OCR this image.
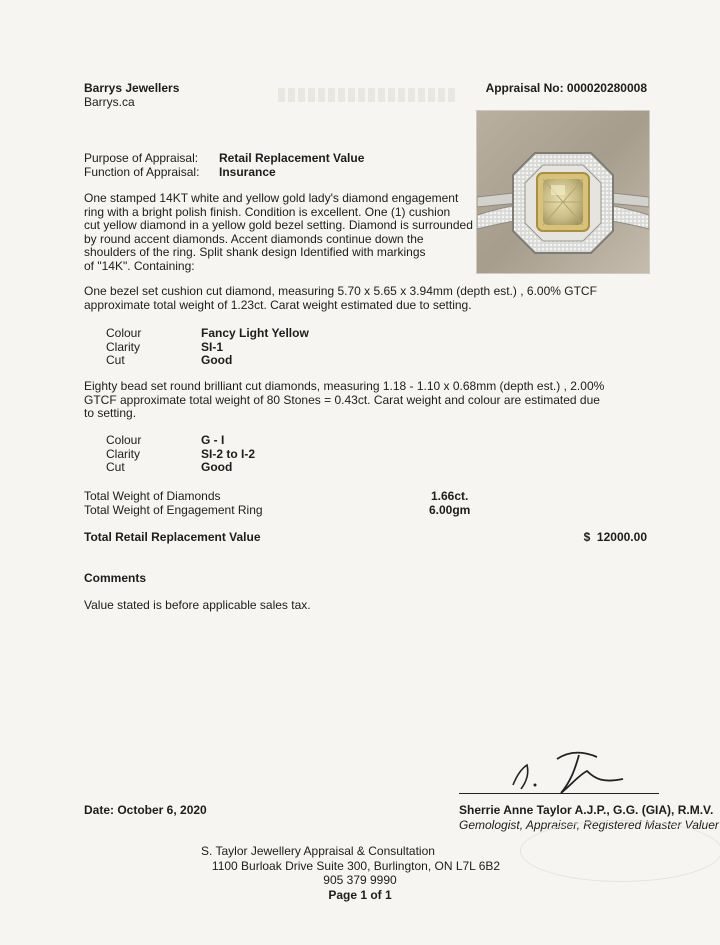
Barrys Jewellers
Barrys.ca
Appraisal No: 000020280008
Purpose of Appraisal: Retail Replacement Value
Function of Appraisal: Insurance
One stamped 14KT white and yellow gold lady's diamond engagement
ring with a bright polish finish. Condition is excellent. One (1) cushion
cut yellow diamond in a yellow gold bezel setting. Diamond is surrounded
by round accent diamonds. Accent diamonds continue down the
shoulders of the ring. Split shank design Identified with markings
of "14K". Containing:
One bezel set cushion cut diamond, measuring 5.70 x 5.65 x 3.94mm (depth est.) , 6.00% GTCF
approximate total weight of 1.23ct. Carat weight estimated due to setting.
Colour	Fancy Light Yellow
Clarity	SI-1
Cut	Good
Eighty bead set round brilliant cut diamonds, measuring 1.18 - 1.10 x 0.68mm (depth est.) , 2.00%
GTCF approximate total weight of 80 Stones = 0.43ct. Carat weight and colour are estimated due
to setting.
Colour	G - I
Clarity	SI-2 to I-2
Cut	Good
Total Weight of Diamonds	1.66ct.
Total Weight of Engagement Ring	6.00gm
Total Retail Replacement Value	$  12000.00
Comments
Value stated is before applicable sales tax.
Date: October 6, 2020	Sherrie Anne Taylor A.J.P., G.G. (GIA), R.M.V.
Gemologist, Appraiser, Registered Master Valuer
S. Taylor Jewellery Appraisal & Consultation
1100 Burloak Drive Suite 300, Burlington, ON L7L 6B2
905 379 9990
Page 1 of 1
